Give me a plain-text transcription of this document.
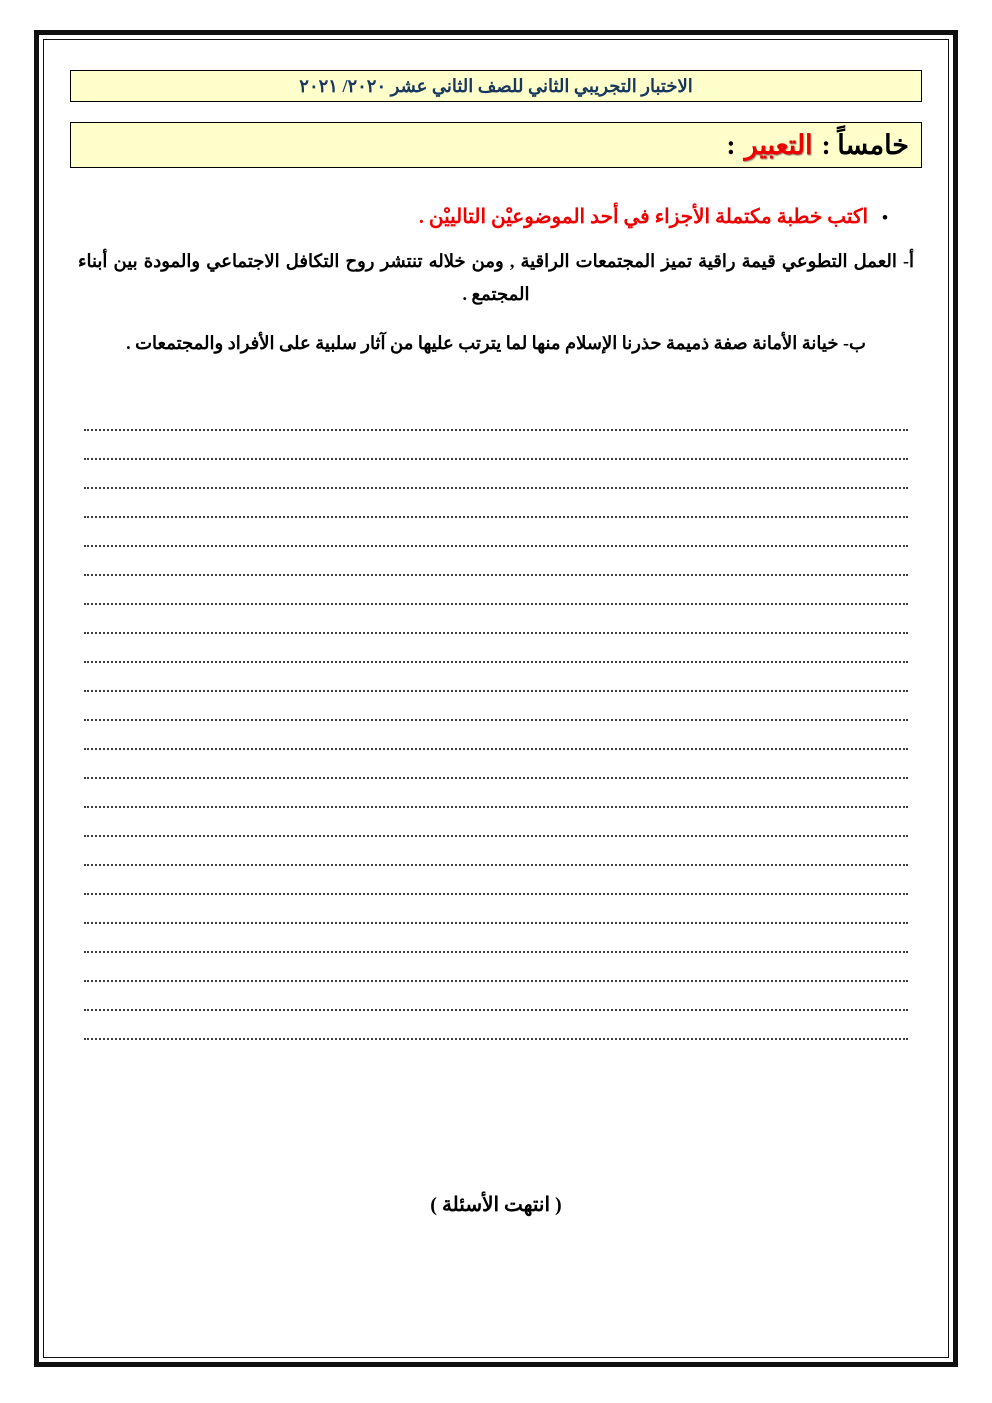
الاختبار التجريبي الثاني للصف الثاني عشر ٢٠٢٠/ ٢٠٢١
خامساً :
التعبير
:
•
اكتب خطبة مكتملة الأجزاء في أحد الموضوعيْن التالييْن .
أ- العمل التطوعي قيمة راقية تميز المجتمعات الراقية , ومن خلاله تنتشر روح التكافل الاجتماعي والمودة بين أبناء المجتمع .
ب- خيانة الأمانة صفة ذميمة حذرنا الإسلام منها لما يترتب عليها من آثار سلبية على الأفراد والمجتمعات .
( انتهت الأسئلة )
